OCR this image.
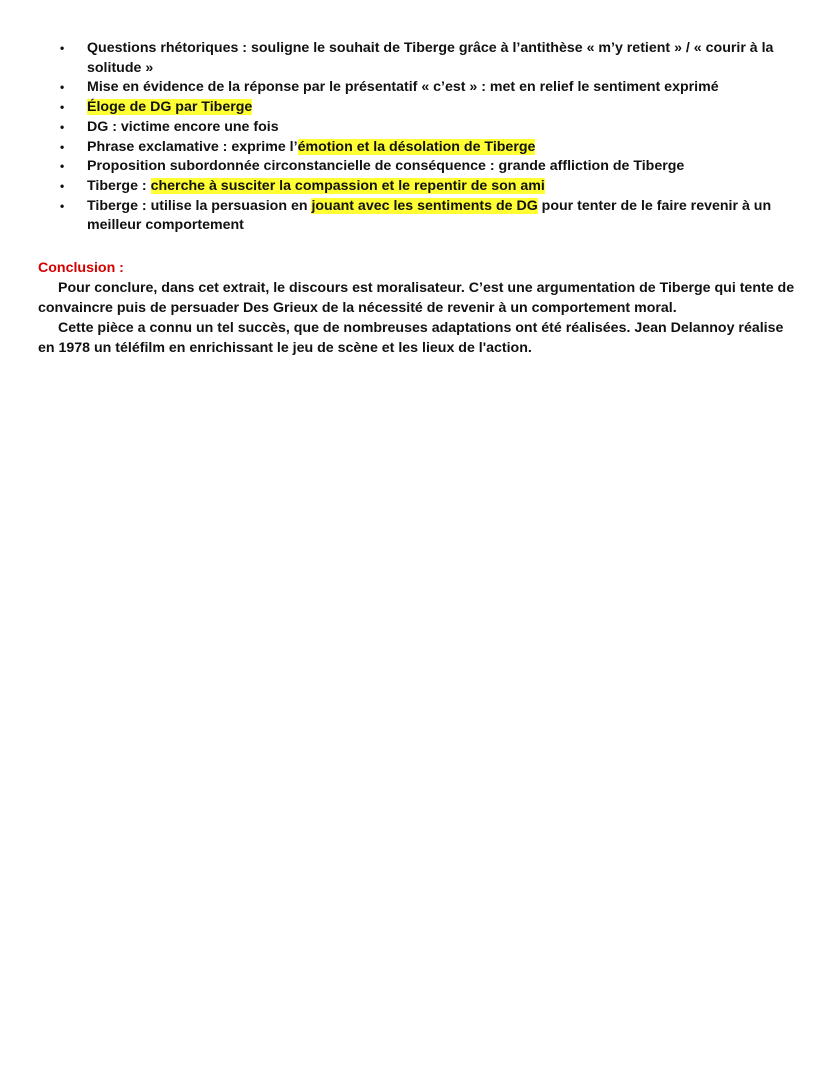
•	Questions rhétoriques : souligne le souhait de Tiberge grâce à l’antithèse « m’y retient » / « courir à la solitude »
•	Mise en évidence de la réponse par le présentatif « c’est » : met en relief le sentiment exprimé
•	Éloge de DG par Tiberge
•	DG : victime encore une fois
•	Phrase exclamative : exprime l’émotion et la désolation de Tiberge
•	Proposition subordonnée circonstancielle de conséquence : grande affliction de Tiberge
•	Tiberge : cherche à susciter la compassion et le repentir de son ami
•	Tiberge : utilise la persuasion en jouant avec les sentiments de DG pour tenter de le faire revenir à un meilleur comportement
Conclusion :
Pour conclure, dans cet extrait, le discours est moralisateur. C’est une argumentation de Tiberge qui tente de convaincre puis de persuader Des Grieux de la nécessité de revenir à un comportement moral.
Cette pièce a connu un tel succès, que de nombreuses adaptations ont été réalisées. Jean Delannoy réalise en 1978 un téléfilm en enrichissant le jeu de scène et les lieux de l'action.
